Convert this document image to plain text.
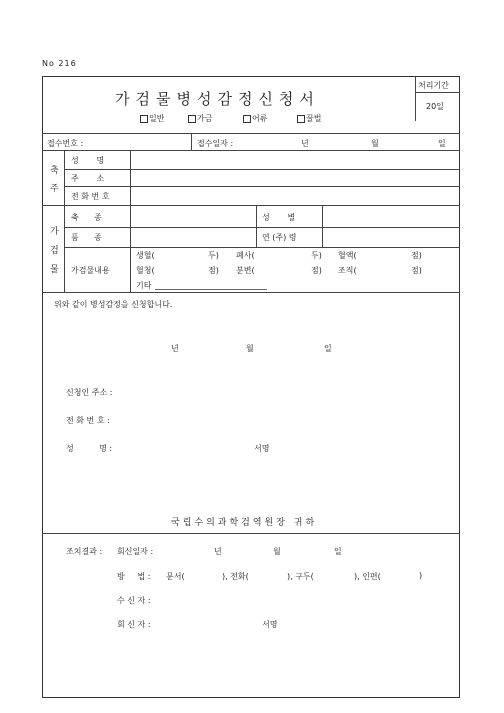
No 216
가검물병성감정신청서
일반	가금	어류	꿀벌
처리기간
20일
접수번호 :	접수일자 :	년	월	일
축
주
성       명
주       소
전 화 번 호
가
검
물
축      종	성       별
품      종	연 (주) 령
가검물내용
생혈(	두) 폐사(	두) 혈액(	점)
혈청(	점) 분변(	점) 조직(	점)
기타
위와 같이 병성감정을 신청합니다.
년	월	일
신청인 주소 :
전 화 번 호 :
성          명 :	서명
국립수의과학검역원장 귀하
조치결과 : 회신일자 :	년	월	일
방     법 : 문서(	), 전화(	), 구두(	), 인편(	)
수 신 자 :
회 신 자 :	서명
